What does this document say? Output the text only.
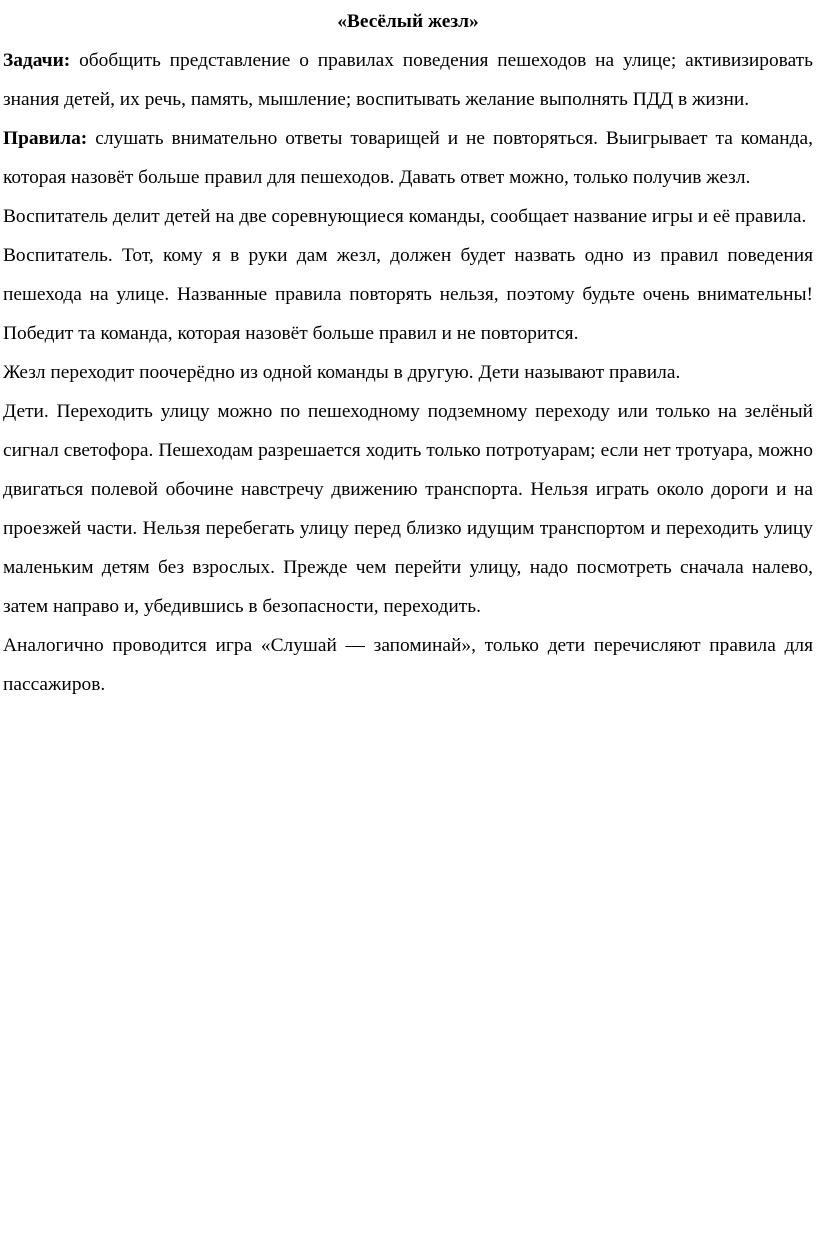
«Весёлый жезл»

Задачи: обобщить представление о правилах поведения пешеходов на улице; активизировать знания детей, их речь, память, мышление; воспитывать желание выполнять ПДД в жизни.

Правила: слушать внимательно ответы товарищей и не повторяться. Выигрывает та команда, которая назовёт больше правил для пешеходов. Давать ответ можно, только получив жезл.

Воспитатель делит детей на две соревнующиеся команды, сообщает название игры и её правила.

Воспитатель. Тот, кому я в руки дам жезл, должен будет назвать одно из правил поведения пешехода на улице. Названные правила повторять нельзя, поэтому будьте очень внимательны! Победит та команда, которая назовёт больше правил и не повторится.

Жезл переходит поочерёдно из одной команды в другую. Дети называют правила.

Дети. Переходить улицу можно по пешеходному подземному переходу или только на зелёный сигнал светофора. Пешеходам разрешается ходить только потротуарам; если нет тротуара, можно двигаться полевой обочине навстречу движению транспорта. Нельзя играть около дороги и на проезжей части. Нельзя перебегать улицу перед близко идущим транспортом и переходить улицу маленьким детям без взрослых. Прежде чем перейти улицу, надо посмотреть сначала налево, затем направо и, убедившись в безопасности, переходить.

Аналогично проводится игра «Слушай — запоминай», только дети перечисляют правила для пассажиров.
